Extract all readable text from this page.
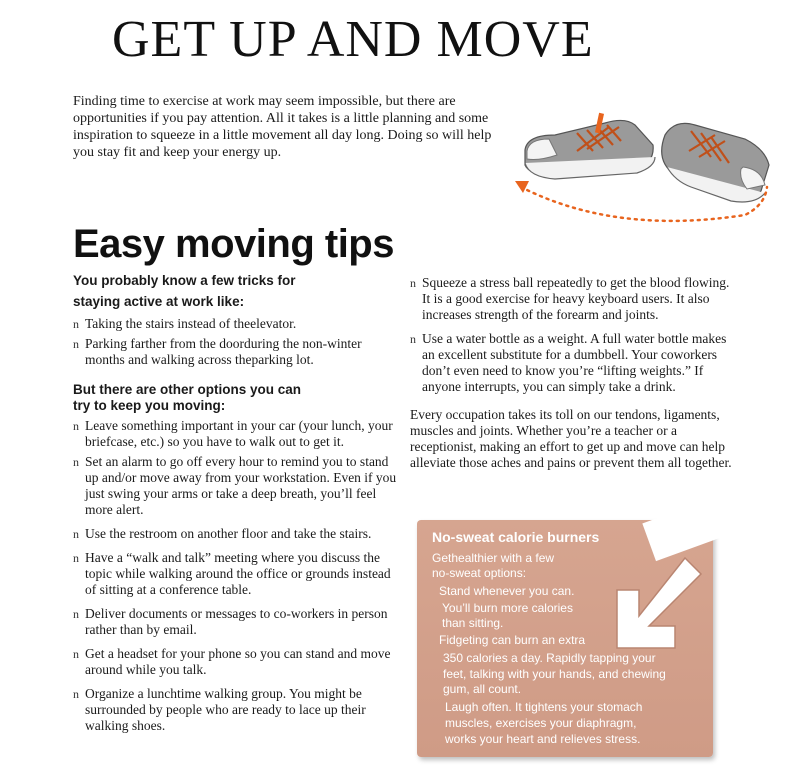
GET UP AND MOVE

Finding time to exercise at work may seem impossible, but there are opportunities if you pay attention. All it takes is a little planning and some inspiration to squeeze in a little movement all day long. Doing so will help you stay fit and keep your energy up.

Easy moving tips

You probably know a few tricks for staying active at work like:

n Taking the stairs instead of theelevator.
n Parking farther from the doorduring the non-winter months and walking across theparking lot.

But there are other options you can try to keep you moving:

n Leave something important in your car (your lunch, your briefcase, etc.) so you have to walk out to get it.
n Set an alarm to go off every hour to remind you to stand up and/or move away from your workstation. Even if you just swing your arms or take a deep breath, you’ll feel more alert.
n Use the restroom on another floor and take the stairs.
n Have a “walk and talk” meeting where you discuss the topic while walking around the office or grounds instead of sitting at a conference table.
n Deliver documents or messages to co-workers in person rather than by email.
n Get a headset for your phone so you can stand and move around while you talk.
n Organize a lunchtime walking group. You might be surrounded by people who are ready to lace up their walking shoes.
n Squeeze a stress ball repeatedly to get the blood flowing. It is a good exercise for heavy keyboard users. It also increases strength of the forearm and joints.
n Use a water bottle as a weight. A full water bottle makes an excellent substitute for a dumbbell. Your coworkers don’t even need to know you’re “lifting weights.” If anyone interrupts, you can simply take a drink.

Every occupation takes its toll on our tendons, ligaments, muscles and joints. Whether you’re a teacher or a receptionist, making an effort to get up and move can help alleviate those aches and pains or prevent them all together.

No-sweat calorie burners
Gethealthier with a few
no-sweat options:
Stand whenever you can.
You’ll burn more calories
than sitting.
Fidgeting can burn an extra
350 calories a day. Rapidly tapping your
feet, talking with your hands, and chewing
gum, all count.
Laugh often. It tightens your stomach
muscles, exercises your diaphragm,
works your heart and relieves stress.
